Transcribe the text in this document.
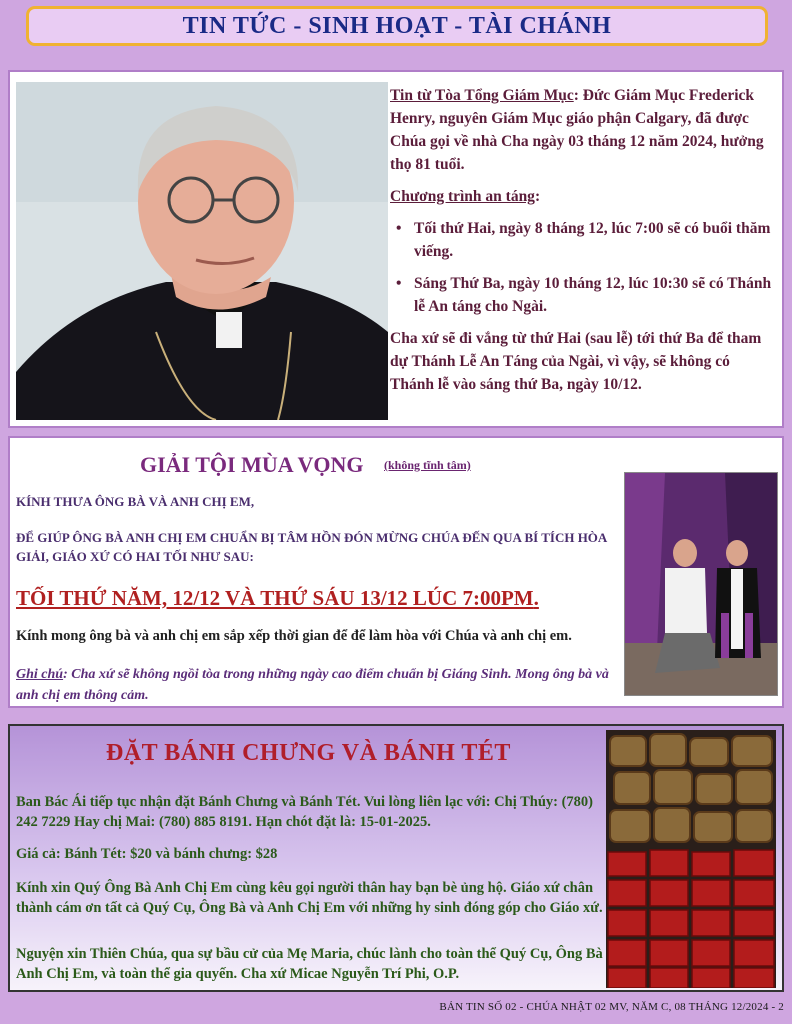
TIN TỨC - SINH HOẠT - TÀI CHÁNH

Tin từ Tòa Tổng Giám Mục: Đức Giám Mục Frederick Henry, nguyên Giám Mục giáo phận Calgary, đã được Chúa gọi về nhà Cha ngày 03 tháng 12 năm 2024, hưởng thọ 81 tuổi.

Chương trình an táng:

• Tối thứ Hai, ngày 8 tháng 12, lúc 7:00 sẽ có buổi thăm viếng.
• Sáng Thứ Ba, ngày 10 tháng 12, lúc 10:30 sẽ có Thánh lễ An táng cho Ngài.

Cha xứ sẽ đi vắng từ thứ Hai (sau lễ) tới thứ Ba để tham dự Thánh Lễ An Táng của Ngài, vì vậy, sẽ không có Thánh lễ vào sáng thứ Ba, ngày 10/12.

GIẢI TỘI MÙA VỌNG (không tĩnh tâm)
KÍNH THƯA ÔNG BÀ VÀ ANH CHỊ EM,
ĐỂ GIÚP ÔNG BÀ ANH CHỊ EM CHUẨN BỊ TÂM HỒN ĐÓN MỪNG CHÚA ĐẾN QUA BÍ TÍCH HÒA GIẢI, GIÁO XỨ CÓ HAI TỐI NHƯ SAU:
TỐI THỨ NĂM, 12/12 VÀ THỨ SÁU 13/12 LÚC 7:00PM.
Kính mong ông bà và anh chị em sắp xếp thời gian để để làm hòa với Chúa và anh chị em.
Ghi chú: Cha xứ sẽ không ngồi tòa trong những ngày cao điểm chuẩn bị Giáng Sinh. Mong ông bà và anh chị em thông cảm.
ĐẶT BÁNH CHƯNG VÀ BÁNH TÉT
Ban Bác Ái tiếp tục nhận đặt Bánh Chưng và Bánh Tét. Vui lòng liên lạc với: Chị Thúy: (780) 242 7229 Hay chị Mai: (780) 885 8191. Hạn chót đặt là: 15-01-2025.
Giá cả: Bánh Tét: $20 và bánh chưng: $28
Kính xin Quý Ông Bà Anh Chị Em cùng kêu gọi người thân hay bạn bè ủng hộ. Giáo xứ chân thành cám ơn tất cả Quý Cụ, Ông Bà và Anh Chị Em với những hy sinh đóng góp cho Giáo xứ.
Nguyện xin Thiên Chúa, qua sự bầu cử của Mẹ Maria, chúc lành cho toàn thể Quý Cụ, Ông Bà Anh Chị Em, và toàn thể gia quyến. Cha xứ Micae Nguyễn Trí Phi, O.P.
BẢN TIN SỐ 02 - CHÚA NHẬT 02 MV, NĂM C, 08 THÁNG 12/2024 - 2
